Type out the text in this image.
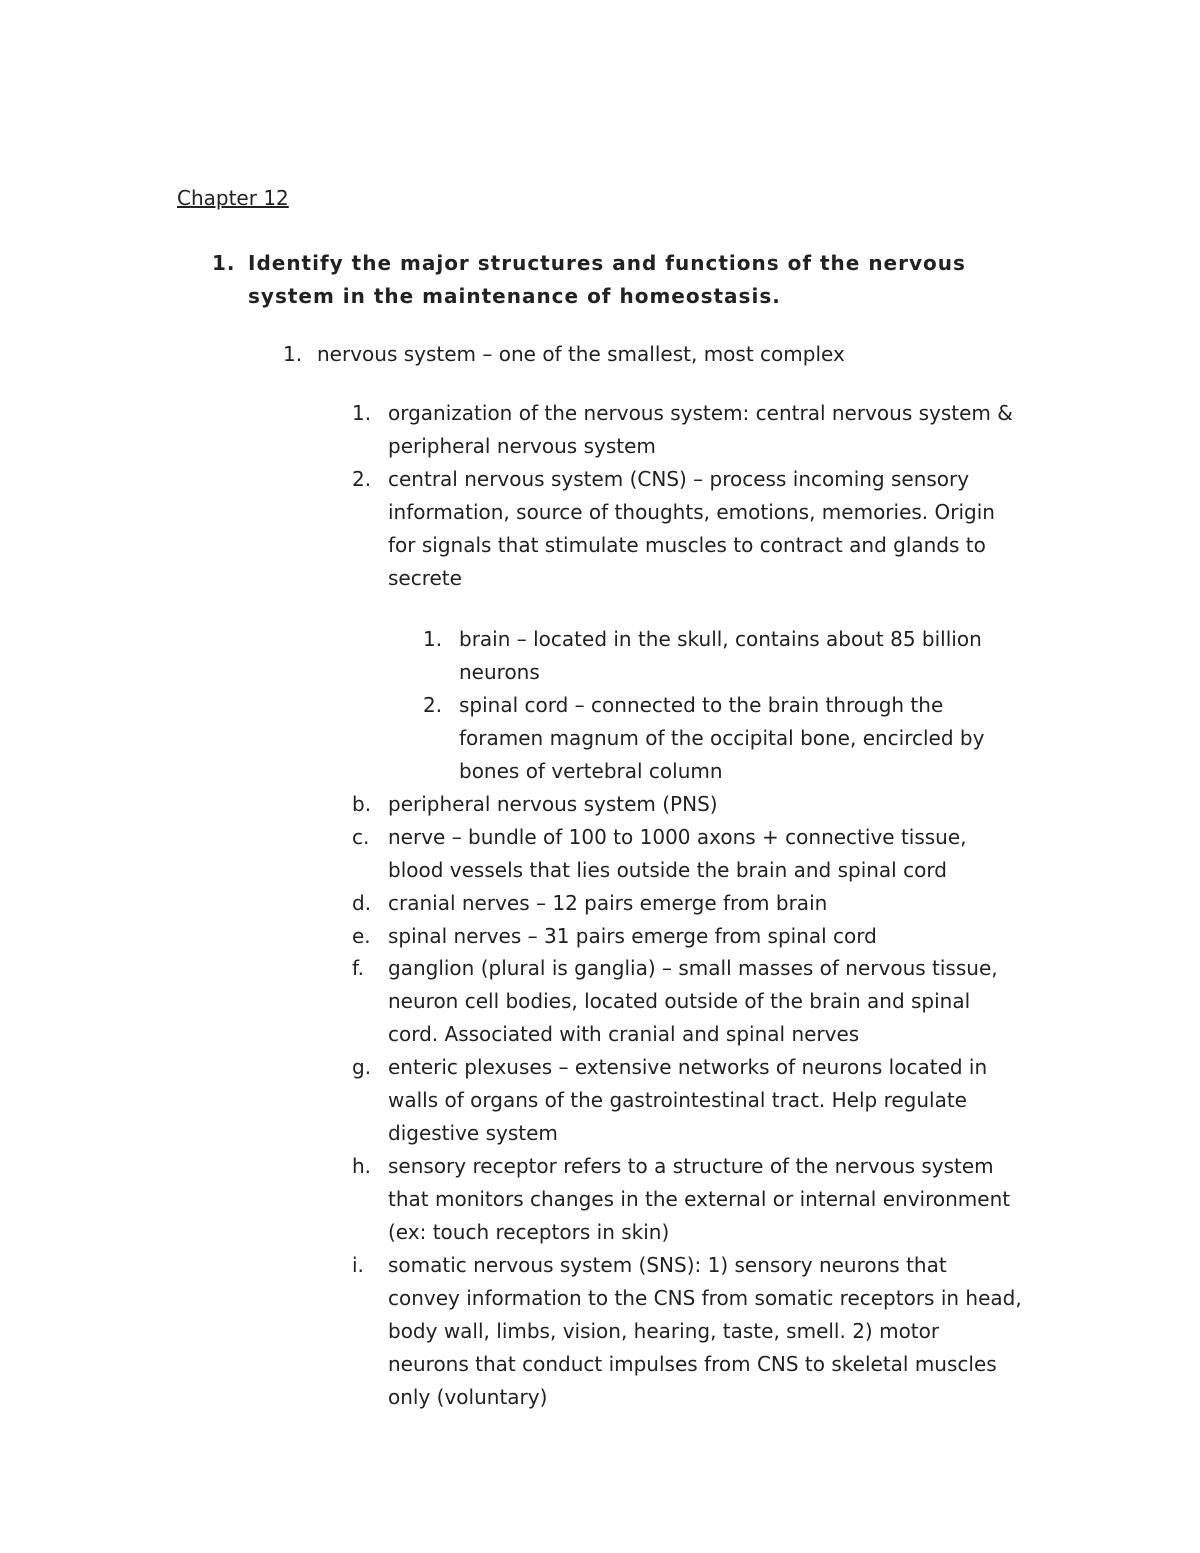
Chapter 12
1. Identify the major structures and functions of the nervous system in the maintenance of homeostasis.
1. nervous system – one of the smallest, most complex
1. organization of the nervous system: central nervous system & peripheral nervous system
2. central nervous system (CNS) – process incoming sensory information, source of thoughts, emotions, memories. Origin for signals that stimulate muscles to contract and glands to secrete
1. brain – located in the skull, contains about 85 billion neurons
2. spinal cord – connected to the brain through the foramen magnum of the occipital bone, encircled by bones of vertebral column
b. peripheral nervous system (PNS)
c. nerve – bundle of 100 to 1000 axons + connective tissue, blood vessels that lies outside the brain and spinal cord
d. cranial nerves – 12 pairs emerge from brain
e. spinal nerves – 31 pairs emerge from spinal cord
f. ganglion (plural is ganglia) – small masses of nervous tissue, neuron cell bodies, located outside of the brain and spinal cord. Associated with cranial and spinal nerves
g. enteric plexuses – extensive networks of neurons located in walls of organs of the gastrointestinal tract. Help regulate digestive system
h. sensory receptor refers to a structure of the nervous system that monitors changes in the external or internal environment (ex: touch receptors in skin)
i. somatic nervous system (SNS): 1) sensory neurons that convey information to the CNS from somatic receptors in head, body wall, limbs, vision, hearing, taste, smell. 2) motor neurons that conduct impulses from CNS to skeletal muscles only (voluntary)
